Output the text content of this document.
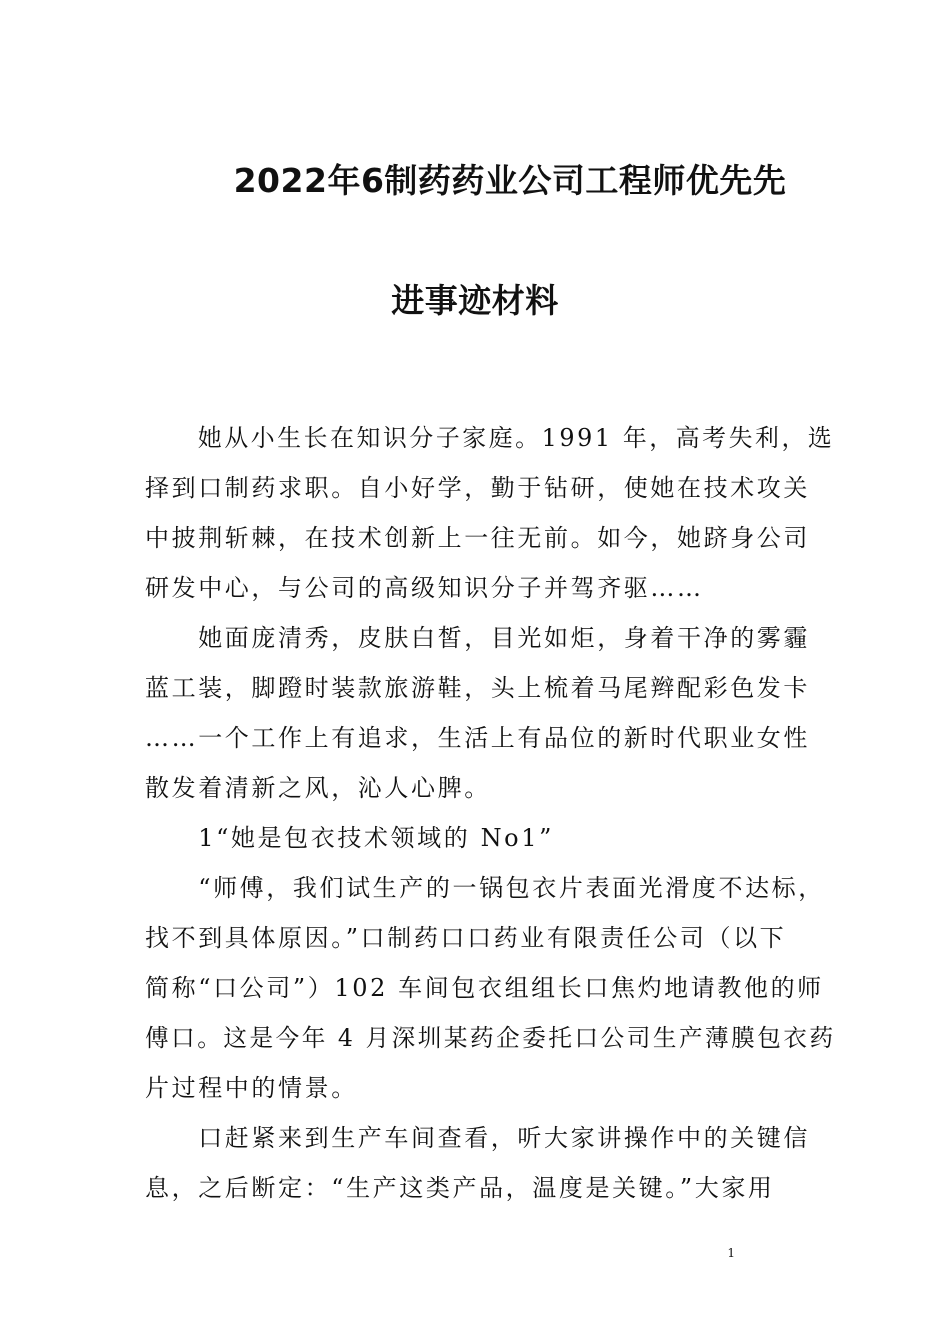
2022年6制药药业公司工程师优先先
进事迹材料
　　她从小生长在知识分子家庭。1991 年，高考失利，选
择到口制药求职。自小好学，勤于钻研，使她在技术攻关
中披荆斩棘，在技术创新上一往无前。如今，她跻身公司
研发中心，与公司的高级知识分子并驾齐驱……
　　她面庞清秀，皮肤白皙，目光如炬，身着干净的雾霾
蓝工装，脚蹬时装款旅游鞋，头上梳着马尾辫配彩色发卡
……一个工作上有追求，生活上有品位的新时代职业女性
散发着清新之风，沁人心脾。
　　1“她是包衣技术领域的 No1”
　　“师傅，我们试生产的一锅包衣片表面光滑度不达标，
找不到具体原因。”口制药口口药业有限责任公司（以下
简称“口公司”）102 车间包衣组组长口焦灼地请教他的师
傅口。这是今年 4 月深圳某药企委托口公司生产薄膜包衣药
片过程中的情景。
　　口赶紧来到生产车间查看，听大家讲操作中的关键信
息，之后断定：“生产这类产品，温度是关键。”大家用
1
